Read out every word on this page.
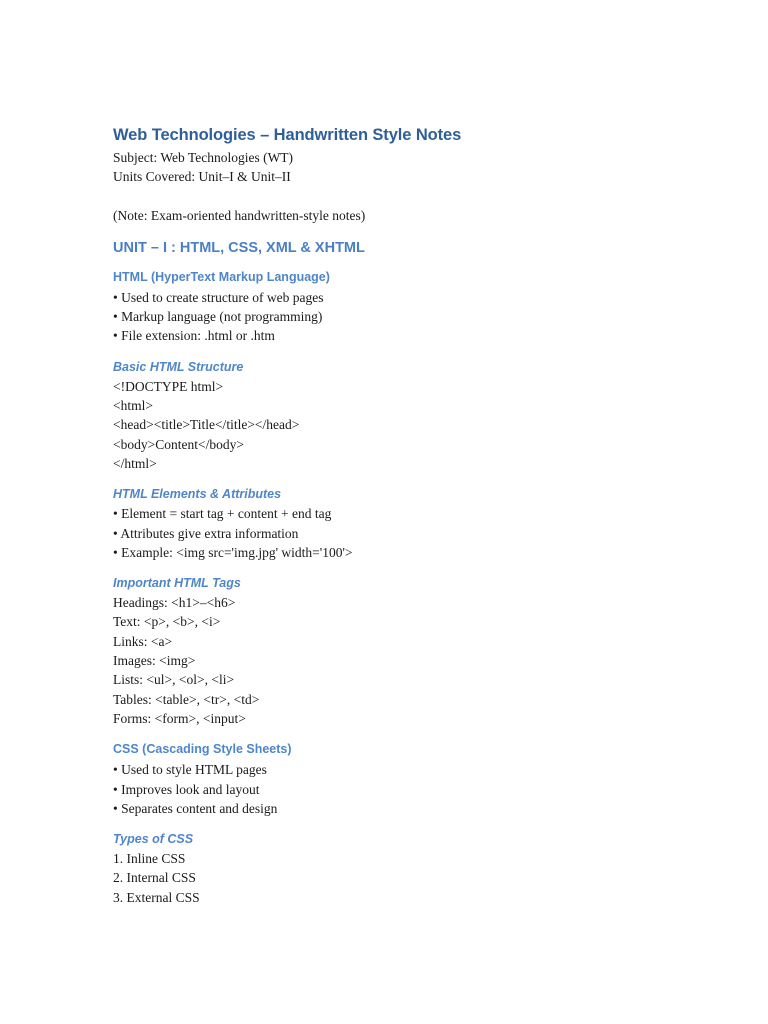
Web Technologies – Handwritten Style Notes
Subject: Web Technologies (WT)
Units Covered: Unit–I & Unit–II
(Note: Exam-oriented handwritten-style notes)
UNIT – I : HTML, CSS, XML & XHTML
HTML (HyperText Markup Language)
• Used to create structure of web pages
• Markup language (not programming)
• File extension: .html or .htm
Basic HTML Structure
<!DOCTYPE html>
<html>
<head><title>Title</title></head>
<body>Content</body>
</html>
HTML Elements & Attributes
• Element = start tag + content + end tag
• Attributes give extra information
• Example: <img src='img.jpg' width='100'>
Important HTML Tags
Headings: <h1>–<h6>
Text: <p>, <b>, <i>
Links: <a>
Images: <img>
Lists: <ul>, <ol>, <li>
Tables: <table>, <tr>, <td>
Forms: <form>, <input>
CSS (Cascading Style Sheets)
• Used to style HTML pages
• Improves look and layout
• Separates content and design
Types of CSS
1. Inline CSS
2. Internal CSS
3. External CSS
